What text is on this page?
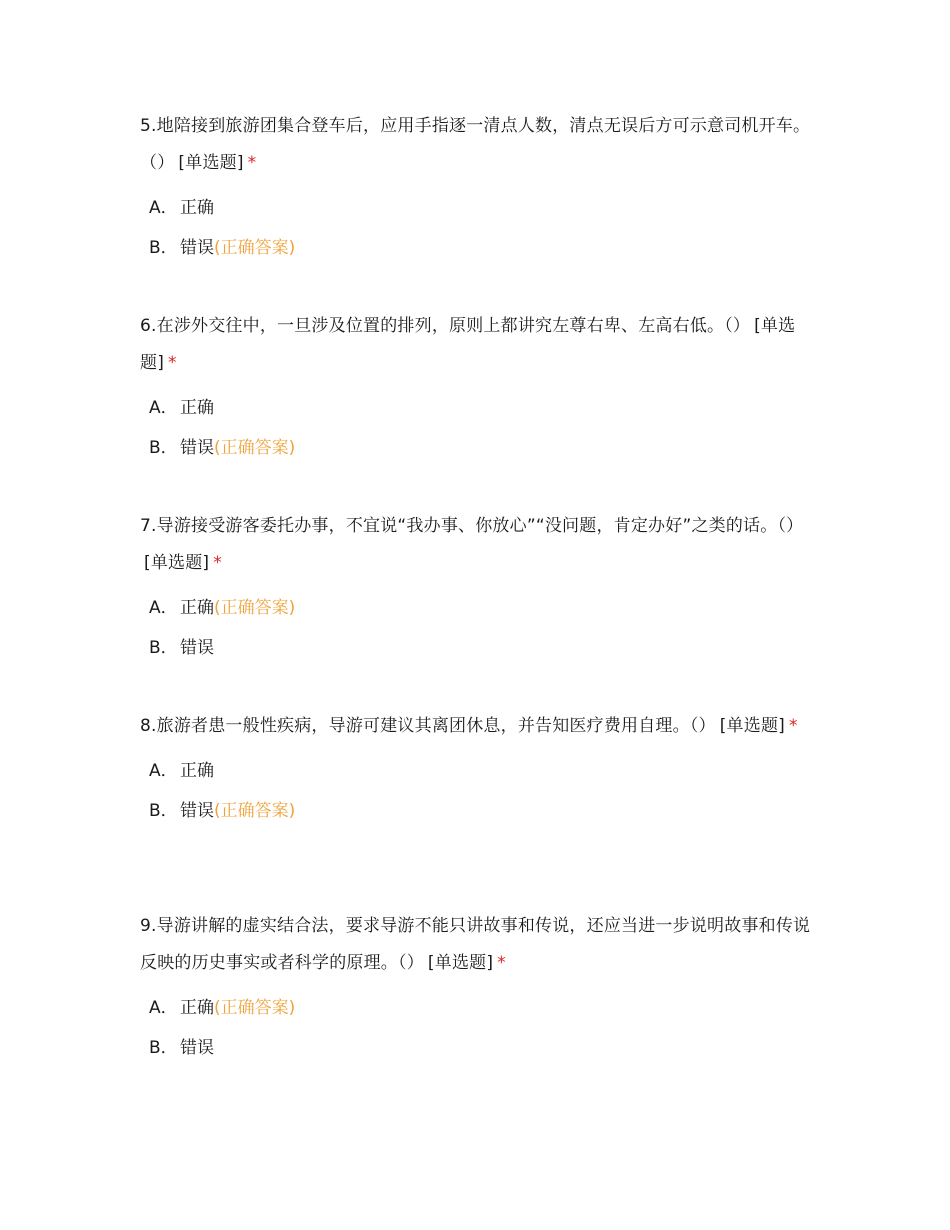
5.地陪接到旅游团集合登车后，应用手指逐一清点人数，清点无误后方可示意司机开车。（） [单选题] *

A． 正确
B． 错误(正确答案)

6.在涉外交往中，一旦涉及位置的排列，原则上都讲究左尊右卑、左高右低。（） [单选题] *

A． 正确
B． 错误(正确答案)

7.导游接受游客委托办事，不宜说“我办事、你放心”“没问题，肯定办好”之类的话。（）[单选题] *

A． 正确(正确答案)
B． 错误

8.旅游者患一般性疾病，导游可建议其离团休息，并告知医疗费用自理。（） [单选题] *

A． 正确
B． 错误(正确答案)

9.导游讲解的虚实结合法，要求导游不能只讲故事和传说，还应当进一步说明故事和传说反映的历史事实或者科学的原理。（） [单选题] *

A． 正确(正确答案)
B． 错误
